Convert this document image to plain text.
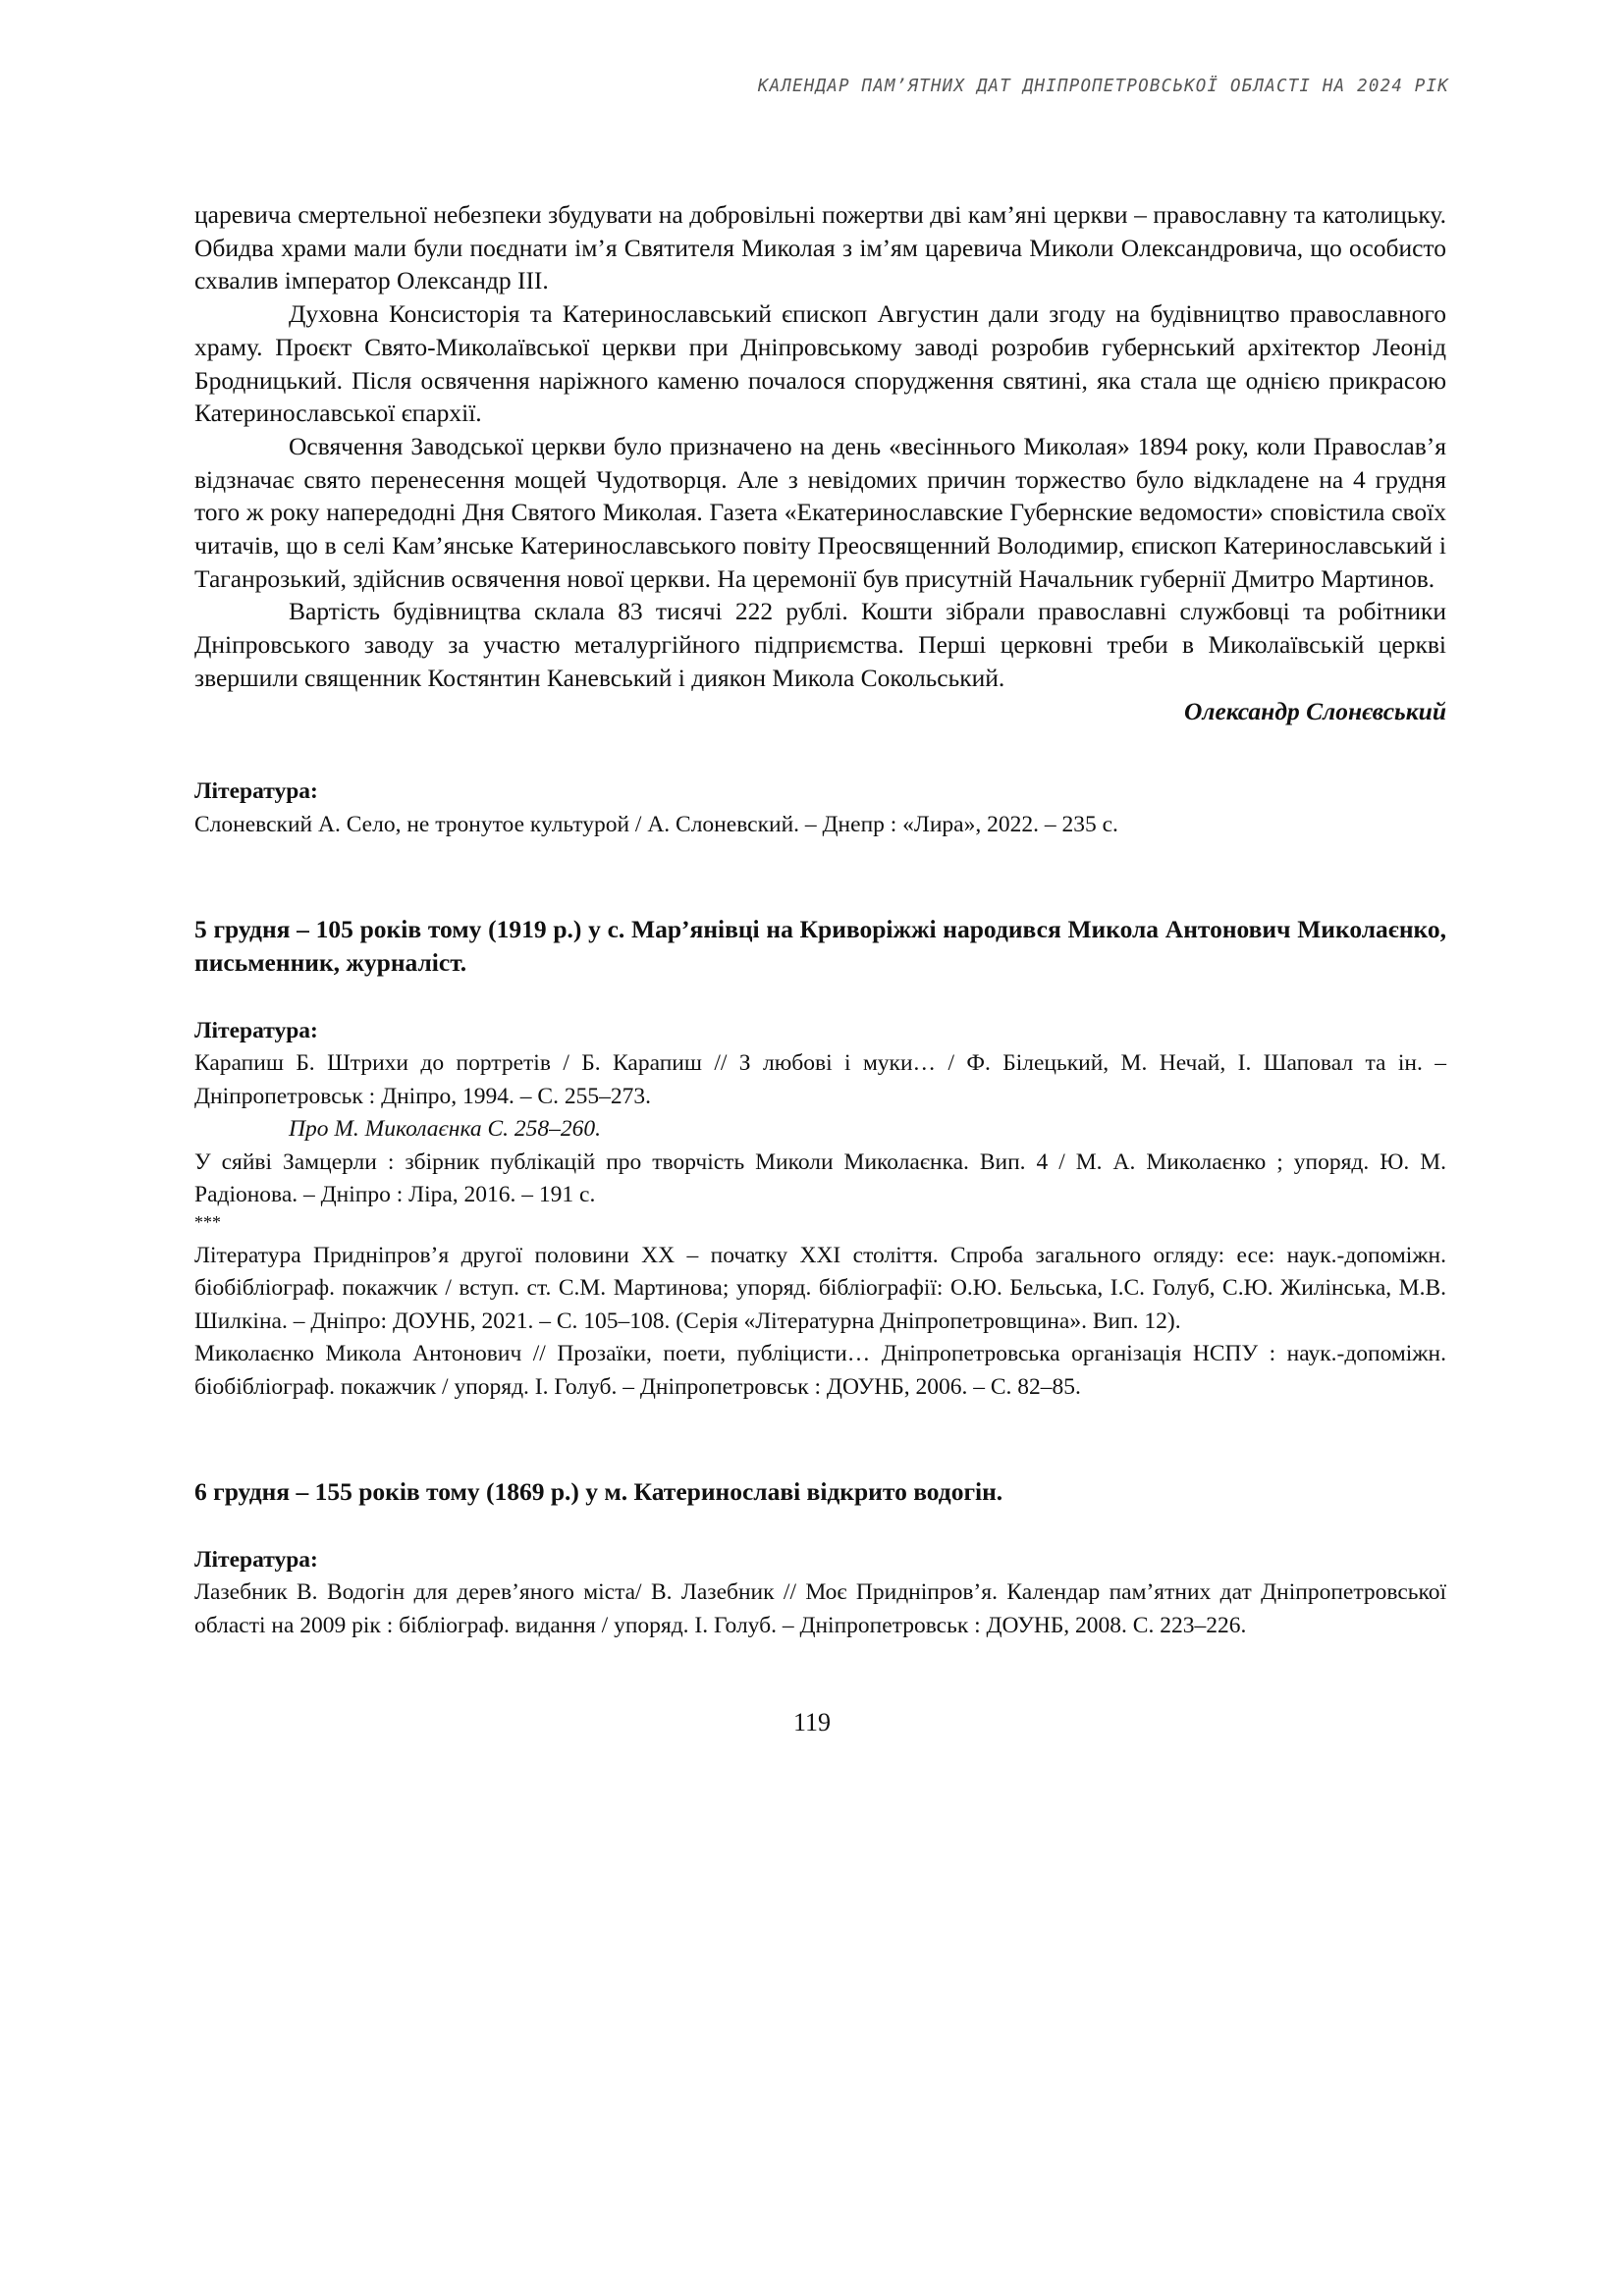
КАЛЕНДАР ПАМ’ЯТНИХ ДАТ ДНІПРОПЕТРОВСЬКОЇ ОБЛАСТІ НА 2024 РІК

царевича смертельної небезпеки збудувати на добровільні пожертви дві кам’яні церкви – православну та католицьку. Обидва храми мали були поєднати ім’я Святителя Миколая з ім’ям царевича Миколи Олександровича, що особисто схвалив імператор Олександр ІІІ.

Духовна Консисторія та Катеринославський єпископ Августин дали згоду на будівництво православного храму. Проєкт Свято-Миколаївської церкви при Дніпровському заводі розробив губернський архітектор Леонід Бродницький. Після освячення наріжного каменю почалося спорудження святині, яка стала ще однією прикрасою Катеринославської єпархії.

Освячення Заводської церкви було призначено на день «весіннього Миколая» 1894 року, коли Православ’я відзначає свято перенесення мощей Чудотворця. Але з невідомих причин торжество було відкладене на 4 грудня того ж року напередодні Дня Святого Миколая. Газета «Екатеринославские Губернские ведомости» сповістила своїх читачів, що в селі Кам’янське Катеринославського повіту Преосвященний Володимир, єпископ Катеринославський і Таганрозький, здійснив освячення нової церкви. На церемонії був присутній Начальник губернії Дмитро Мартинов.

Вартість будівництва склала 83 тисячі 222 рублі. Кошти зібрали православні службовці та робітники Дніпровського заводу за участю металургійного підприємства. Перші церковні треби в Миколаївській церкві звершили священник Костянтин Каневський і диякон Микола Сокольський.

Олександр Слонєвський

Література:

Слоневский А. Село, не тронутое культурой / А. Слоневский. – Днепр : «Лира», 2022. – 235 с.

5 грудня – 105 років тому (1919 р.) у с. Мар’янівці на Криворіжжі народився Микола Антонович Миколаєнко, письменник, журналіст.

Література:

Карапиш Б. Штрихи до портретів / Б. Карапиш // З любові і муки… / Ф. Білецький, М. Нечай, І. Шаповал та ін. – Дніпропетровськ : Дніпро, 1994. – С. 255–273.

Про М. Миколаєнка С. 258–260.

У сяйві Замцерли : збірник публікацій про творчість Миколи Миколаєнка. Вип. 4 / М. А. Миколаєнко ; упоряд. Ю. М. Радіонова. – Дніпро : Ліра, 2016. – 191 с.

***

Література Придніпров’я другої половини ХХ – початку ХХІ століття. Спроба загального огляду: есе: наук.-допоміжн. біобібліограф. покажчик / вступ. ст. С.М. Мартинова; упоряд. бібліографії: О.Ю. Бельська, І.С. Голуб, С.Ю. Жилінська, М.В. Шилкіна. – Дніпро: ДОУНБ, 2021. – С. 105–108. (Серія «Літературна Дніпропетровщина». Вип. 12).

Миколаєнко Микола Антонович // Прозаїки, поети, публіцисти… Дніпропетровська організація НСПУ : наук.-допоміжн. біобібліограф. покажчик / упоряд. І. Голуб. – Дніпропетровськ : ДОУНБ, 2006. – С. 82–85.

6 грудня – 155 років тому (1869 р.) у м. Катеринославі відкрито водогін.

Література:

Лазебник В. Водогін для дерев’яного міста/ В. Лазебник // Моє Придніпров’я. Календар пам’ятних дат Дніпропетровської області на 2009 рік : бібліограф. видання / упоряд. І. Голуб. – Дніпропетровськ : ДОУНБ, 2008. С. 223–226.

119
